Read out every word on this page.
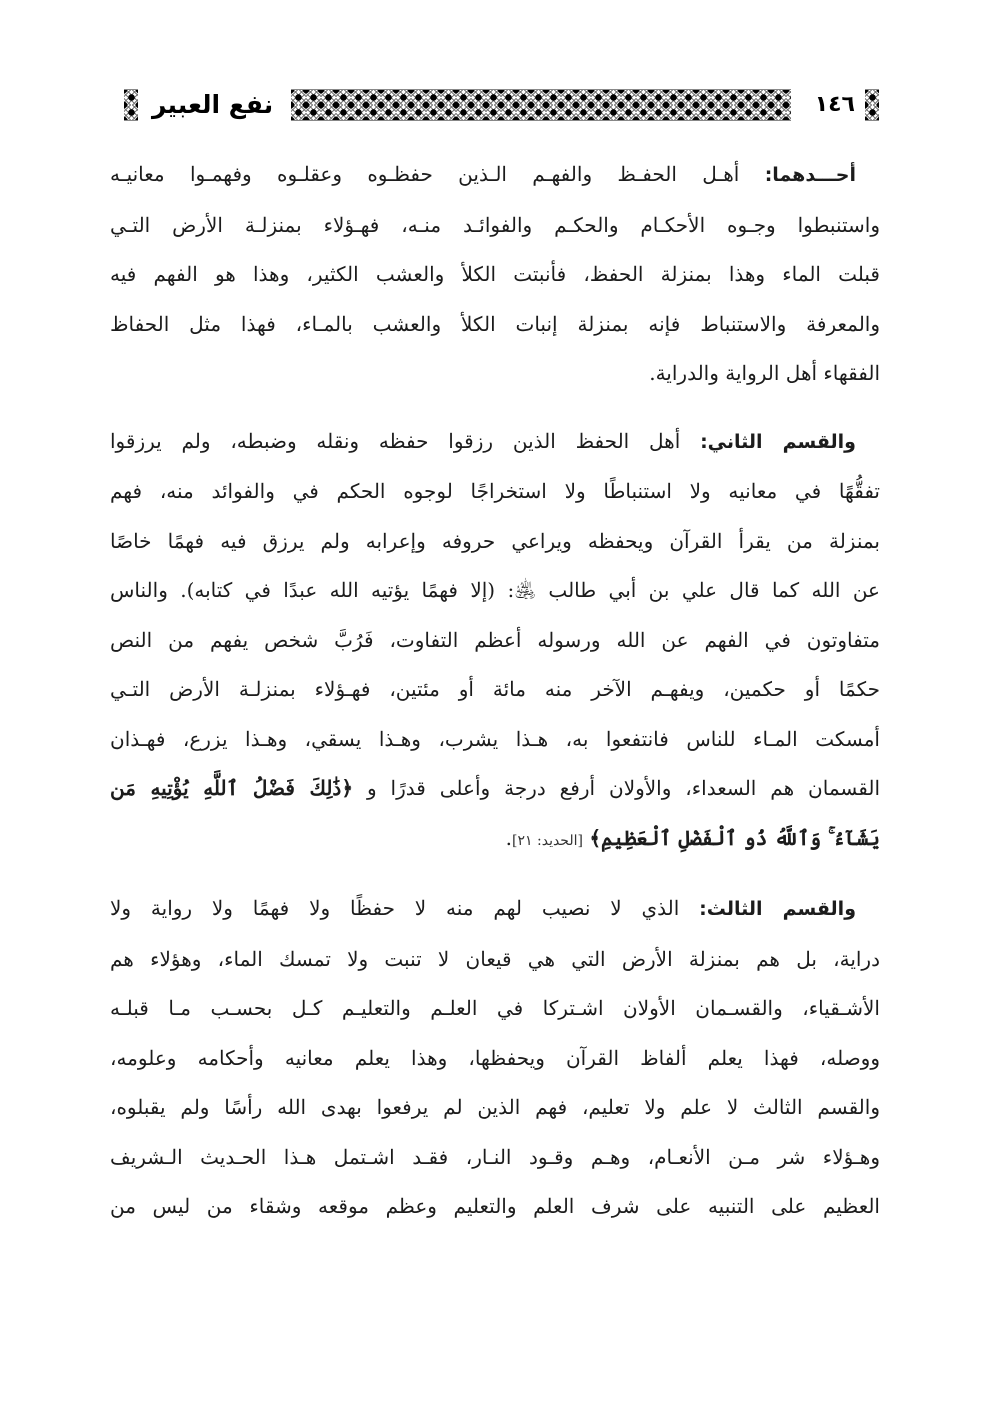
١٤٦
نفع العبير
أحـــدهما: أهـل الحفـظ والفهـم الـذين حفظـوه وعقلـوه وفهمـوا معانيـه
واستنبطوا وجـوه الأحكـام والحكـم والفوائـد منـه، فهـؤلاء بمنزلـة الأرض التـي
قبلت الماء وهذا بمنزلة الحفظ، فأنبتت الكلأ والعشب الكثير، وهذا هو الفهم فيه
والمعرفة والاستنباط فإنه بمنزلة إنبات الكلأ والعشب بالمـاء، فهذا مثل الحفاظ
الفقهاء أهل الرواية والدراية.
والقسم الثاني: أهل الحفظ الذين رزقوا حفظه ونقله وضبطه، ولم يرزقوا
تفقُّهًا في معانيه ولا استنباطًا ولا استخراجًا لوجوه الحكم في والفوائد منه، فهم
بمنزلة من يقرأ القرآن ويحفظه ويراعي حروفه وإعرابه ولم يرزق فيه فهمًا خاصًا
عن الله كما قال علي بن أبي طالب ﵁: (إلا فهمًا يؤتيه الله عبدًا في كتابه). والناس
متفاوتون في الفهم عن الله ورسوله أعظم التفاوت، فَرُبَّ شخص يفهم من النص
حكمًا أو حكمين، ويفهـم الآخر منه مائة أو مئتين، فهـؤلاء بمنزلـة الأرض التـي
أمسكت المـاء للناس فانتفعوا به، هـذا يشرب، وهـذا يسقي، وهـذا يزرع، فهـذان
القسمان هم السعداء، والأولان أرفع درجة وأعلى قدرًا و ﴿ذَٰلِكَ فَضْلُ ٱللَّهِ يُؤْتِيهِ مَن
يَشَآءُ ۚ وَٱللَّهُ ذُو ٱلْفَضْلِ ٱلْعَظِيمِ﴾ [الحديد: ٢١].
والقسم الثالث: الذي لا نصيب لهم منه لا حفظًا ولا فهمًا ولا رواية ولا
دراية، بل هم بمنزلة الأرض التي هي قيعان لا تنبت ولا تمسك الماء، وهؤلاء هم
الأشـقياء، والقسـمان الأولان اشـتركا في العلـم والتعليـم كـل بحسـب مـا قبلـه
ووصله، فهذا يعلم ألفاظ القرآن ويحفظها، وهذا يعلم معانيه وأحكامه وعلومه،
والقسم الثالث لا علم ولا تعليم، فهم الذين لم يرفعوا بهدى الله رأسًا ولم يقبلوه،
وهـؤلاء شر مـن الأنعـام، وهـم وقـود النـار، فقـد اشـتمل هـذا الحـديث الـشريف
العظيم على التنبيه على شرف العلم والتعليم وعظم موقعه وشقاء من ليس من
